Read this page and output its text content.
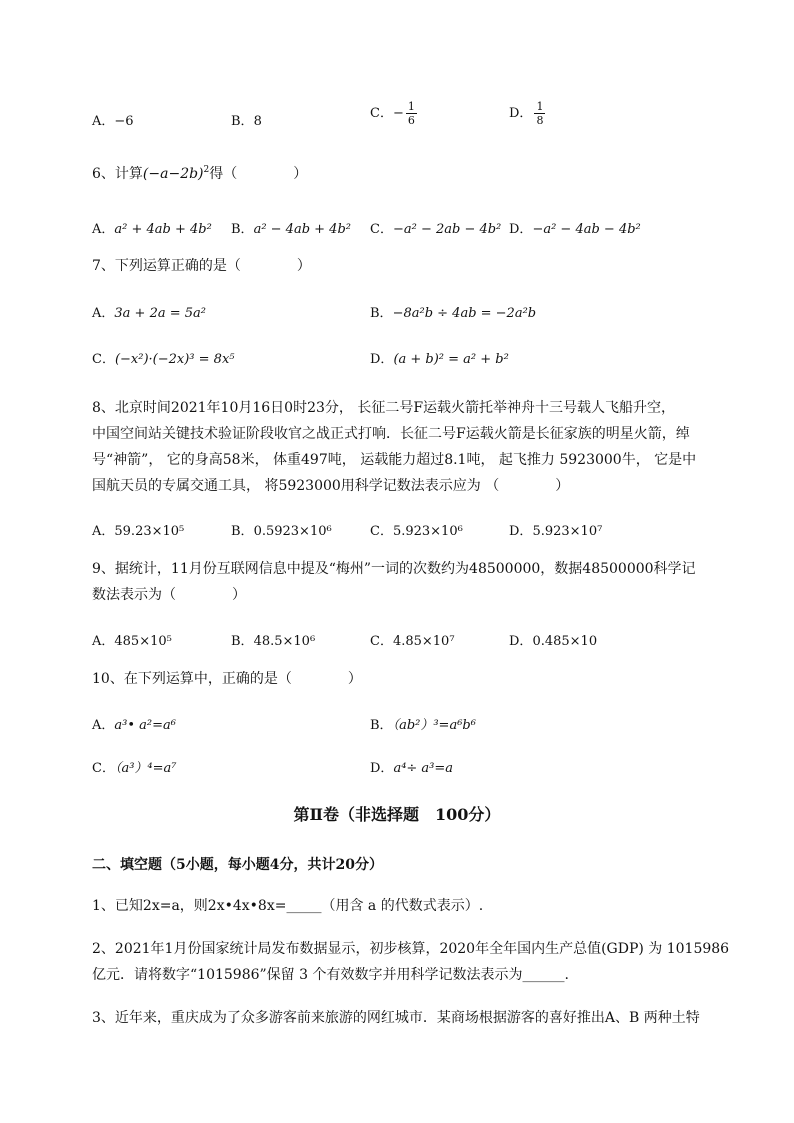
A．−6	B．8
C．− $\frac{1}{6}$	D． $\frac{1}{8}$
6、计算$(-a-2b)^2$得（　　　　）
A．a² + 4ab + 4b² B．a² − 4ab + 4b² C．−a² − 2ab − 4b² D．−a² − 4ab − 4b²
7、下列运算正确的是（　　　　）
A．3a + 2a = 5a²	B．−8a²b ÷ 4ab = −2a²b
C．(−x²)·(−2x)³ = 8x⁵	D．(a + b)² = a² + b²
8、北京时间2021年10月16日0时23分， 长征二号F运载火箭托举神舟十三号载人飞船升空，
中国空间站关键技术验证阶段收官之战正式打响．长征二号F运载火箭是长征家族的明星火箭，绰
号“神箭”， 它的身高58米， 体重497吨， 运载能力超过8.1吨， 起飞推力 5923000牛， 它是中
国航天员的专属交通工具， 将5923000用科学记数法表示应为 （　　　　）
A．59.23×10⁵	B．0.5923×10⁶	C．5.923×10⁶	D．5.923×10⁷
9、据统计，11月份互联网信息中提及“梅州”一词的次数约为48500000，数据48500000科学记
数法表示为（　　　　）
A．485×10⁵	B．48.5×10⁶	C．4.85×10⁷	D．0.485×10
10、在下列运算中，正确的是（　　　　）
A．a³• a²=a⁶	B．（ab²）³=a⁶b⁶
C．（a³）⁴=a⁷	D．a⁴÷ a³=a
第Ⅱ卷（非选择题　100分）
二、填空题（5小题，每小题4分，共计20分）
1、已知2x=a，则2x•4x•8x=_____（用含 a 的代数式表示）.
2、2021年1月份国家统计局发布数据显示，初步核算，2020年全年国内生产总值(GDP) 为 1015986
亿元．请将数字“1015986”保留 3 个有效数字并用科学记数法表示为______.
3、近年来，重庆成为了众多游客前来旅游的网红城市．某商场根据游客的喜好推出A、B 两种土特
